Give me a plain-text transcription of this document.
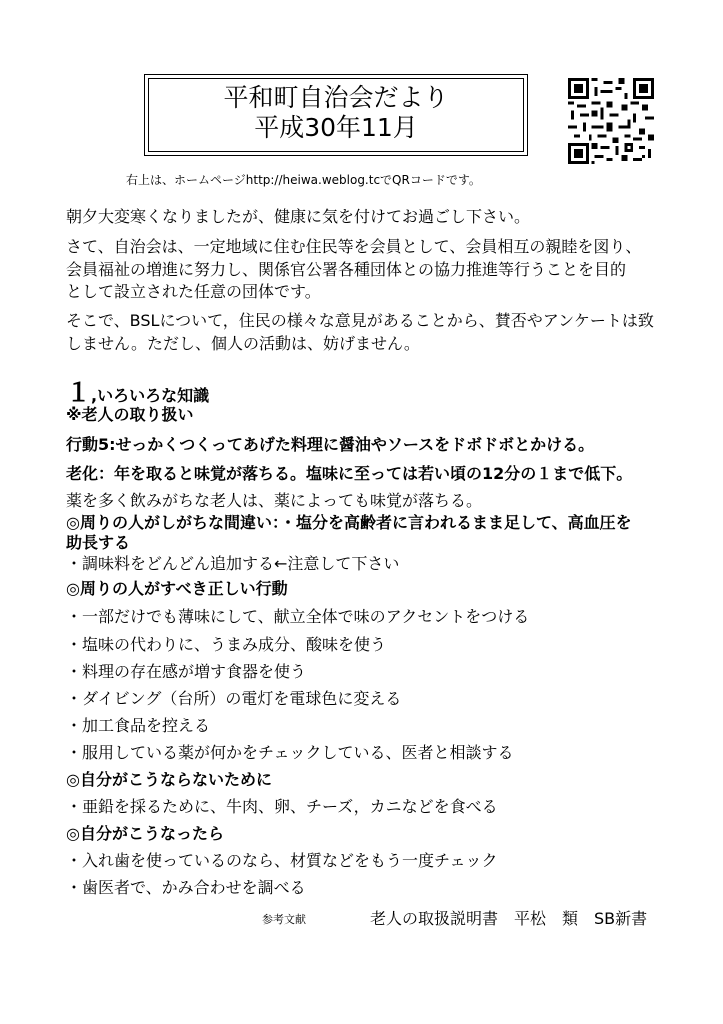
平和町自治会だより
平成30年11月
右上は、ホームページhttp://heiwa.weblog.tcでQRコードです。
朝夕大変寒くなりましたが、健康に気を付けてお過ごし下さい。
さて、自治会は、一定地域に住む住民等を会員として、会員相互の親睦を図り、
会員福祉の増進に努力し、関係官公署各種団体との協力推進等行うことを目的
として設立された任意の団体です。
そこで、BSLについて，住民の様々な意見があることから、賛否やアンケートは致
しません。ただし、個人の活動は、妨げません。
１,いろいろな知識
※老人の取り扱い
行動5:せっかくつくってあげた料理に醤油やソースをドボドボとかける。
老化：年を取ると味覚が落ちる。塩味に至っては若い頃の12分の１まで低下。
薬を多く飲みがちな老人は、薬によっても味覚が落ちる。
◎周りの人がしがちな間違い：・塩分を高齢者に言われるまま足して、高血圧を
助長する
・調味料をどんどん追加する←注意して下さい
◎周りの人がすべき正しい行動
・一部だけでも薄味にして、献立全体で味のアクセントをつける
・塩味の代わりに、うまみ成分、酸味を使う
・料理の存在感が増す食器を使う
・ダイビング（台所）の電灯を電球色に変える
・加工食品を控える
・服用している薬が何かをチェックしている、医者と相談する
◎自分がこうならないために
・亜鉛を採るために、牛肉、卵、チーズ，カニなどを食べる
◎自分がこうなったら
・入れ歯を使っているのなら、材質などをもう一度チェック
・歯医者で、かみ合わせを調べる
参考文献	老人の取扱説明書　平松　類　SB新書
